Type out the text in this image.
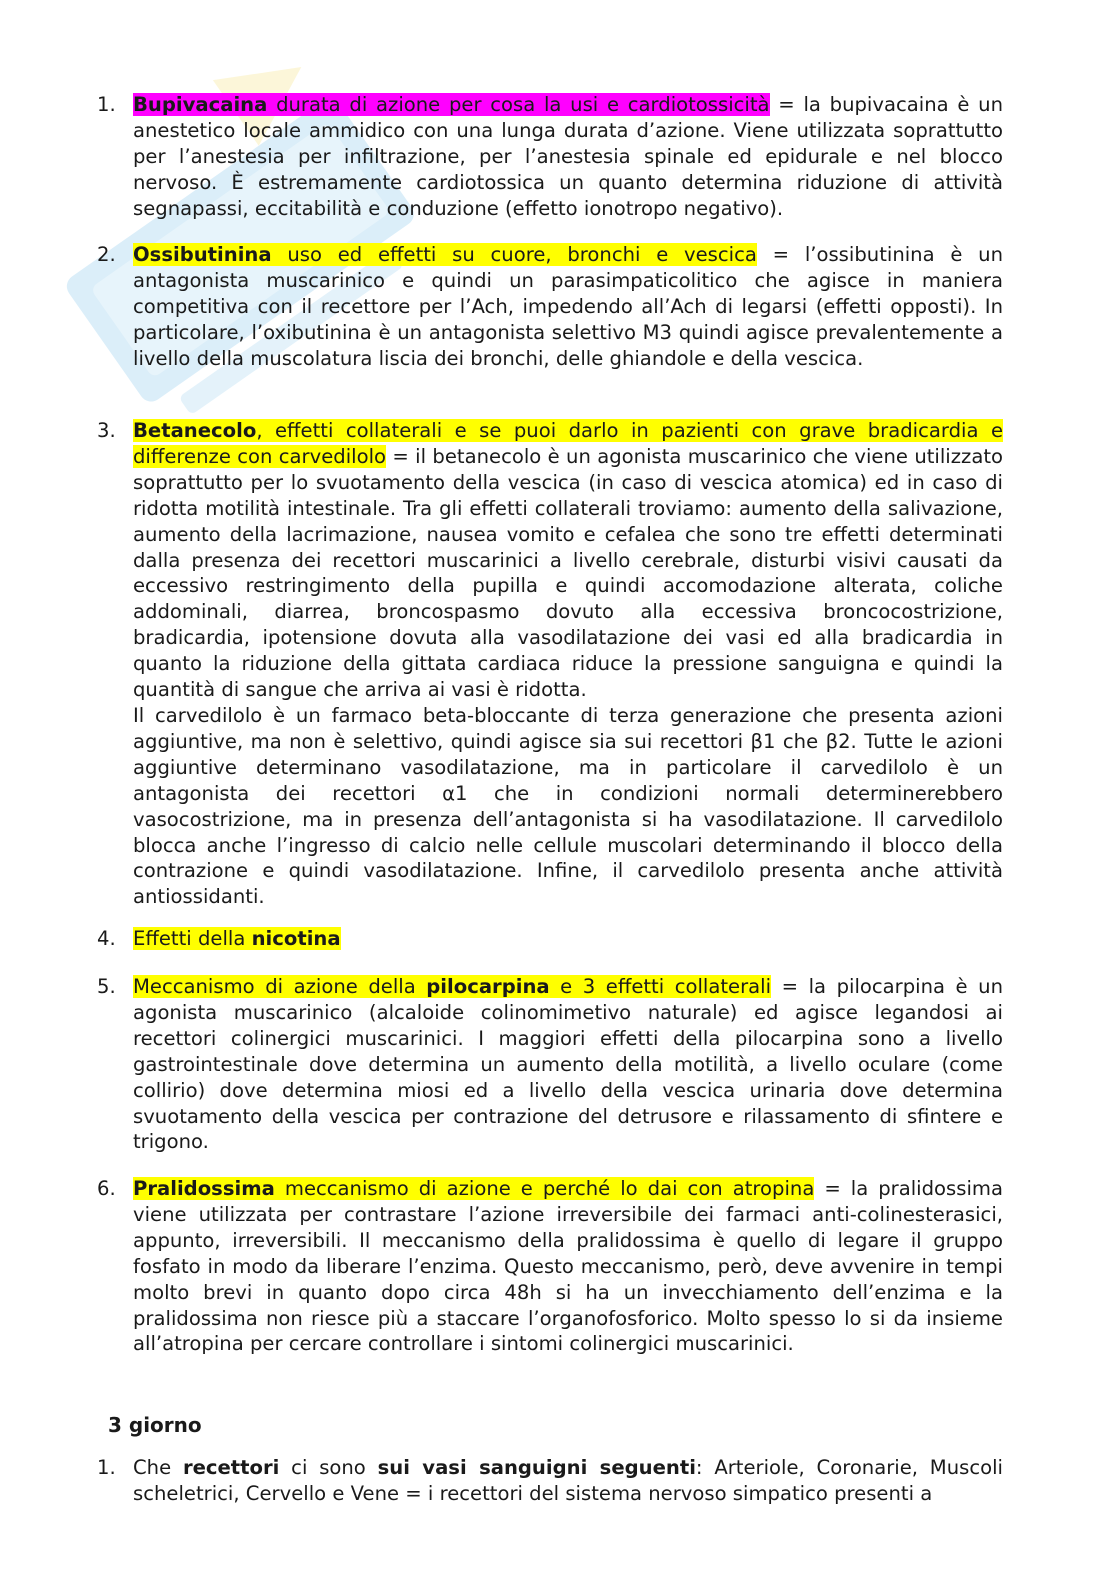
1. Bupivacaina durata di azione per cosa la usi e cardiotossicità = la bupivacaina è un anestetico locale ammidico con una lunga durata d’azione. Viene utilizzata soprattutto per l’anestesia per infiltrazione, per l’anestesia spinale ed epidurale e nel blocco nervoso. È estremamente cardiotossica un quanto determina riduzione di attività segnapassi, eccitabilità e conduzione (effetto ionotropo negativo).

2. Ossibutinina uso ed effetti su cuore, bronchi e vescica = l’ossibutinina è un antagonista muscarinico e quindi un parasimpaticolitico che agisce in maniera competitiva con il recettore per l’Ach, impedendo all’Ach di legarsi (effetti opposti). In particolare, l’oxibutinina è un antagonista selettivo M3 quindi agisce prevalentemente a livello della muscolatura liscia dei bronchi, delle ghiandole e della vescica.

3. Betanecolo, effetti collaterali e se puoi darlo in pazienti con grave bradicardia e differenze con carvedilolo = il betanecolo è un agonista muscarinico che viene utilizzato soprattutto per lo svuotamento della vescica (in caso di vescica atomica) ed in caso di ridotta motilità intestinale. Tra gli effetti collaterali troviamo: aumento della salivazione, aumento della lacrimazione, nausea vomito e cefalea che sono tre effetti determinati dalla presenza dei recettori muscarinici a livello cerebrale, disturbi visivi causati da eccessivo restringimento della pupilla e quindi accomodazione alterata, coliche addominali, diarrea, broncospasmo dovuto alla eccessiva broncocostrizione, bradicardia, ipotensione dovuta alla vasodilatazione dei vasi ed alla bradicardia in quanto la riduzione della gittata cardiaca riduce la pressione sanguigna e quindi la quantità di sangue che arriva ai vasi è ridotta.

Il carvedilolo è un farmaco beta-bloccante di terza generazione che presenta azioni aggiuntive, ma non è selettivo, quindi agisce sia sui recettori β1 che β2. Tutte le azioni aggiuntive determinano vasodilatazione, ma in particolare il carvedilolo è un antagonista dei recettori α1 che in condizioni normali determinerebbero vasocostrizione, ma in presenza dell’antagonista si ha vasodilatazione. Il carvedilolo blocca anche l’ingresso di calcio nelle cellule muscolari determinando il blocco della contrazione e quindi vasodilatazione. Infine, il carvedilolo presenta anche attività antiossidanti.

4. Effetti della nicotina

5. Meccanismo di azione della pilocarpina e 3 effetti collaterali = la pilocarpina è un agonista muscarinico (alcaloide colinomimetivo naturale) ed agisce legandosi ai recettori colinergici muscarinici. I maggiori effetti della pilocarpina sono a livello gastrointestinale dove determina un aumento della motilità, a livello oculare (come collirio) dove determina miosi ed a livello della vescica urinaria dove determina svuotamento della vescica per contrazione del detrusore e rilassamento di sfintere e trigono.

6. Pralidossima meccanismo di azione e perché lo dai con atropina = la pralidossima viene utilizzata per contrastare l’azione irreversibile dei farmaci anti-colinesterasici, appunto, irreversibili. Il meccanismo della pralidossima è quello di legare il gruppo fosfato in modo da liberare l’enzima. Questo meccanismo, però, deve avvenire in tempi molto brevi in quanto dopo circa 48h si ha un invecchiamento dell’enzima e la pralidossima non riesce più a staccare l’organofosforico. Molto spesso lo si da insieme all’atropina per cercare controllare i sintomi colinergici muscarinici.

3 giorno
1. Che recettori ci sono sui vasi sanguigni seguenti: Arteriole, Coronarie, Muscoli scheletrici, Cervello e Vene = i recettori del sistema nervoso simpatico presenti a
